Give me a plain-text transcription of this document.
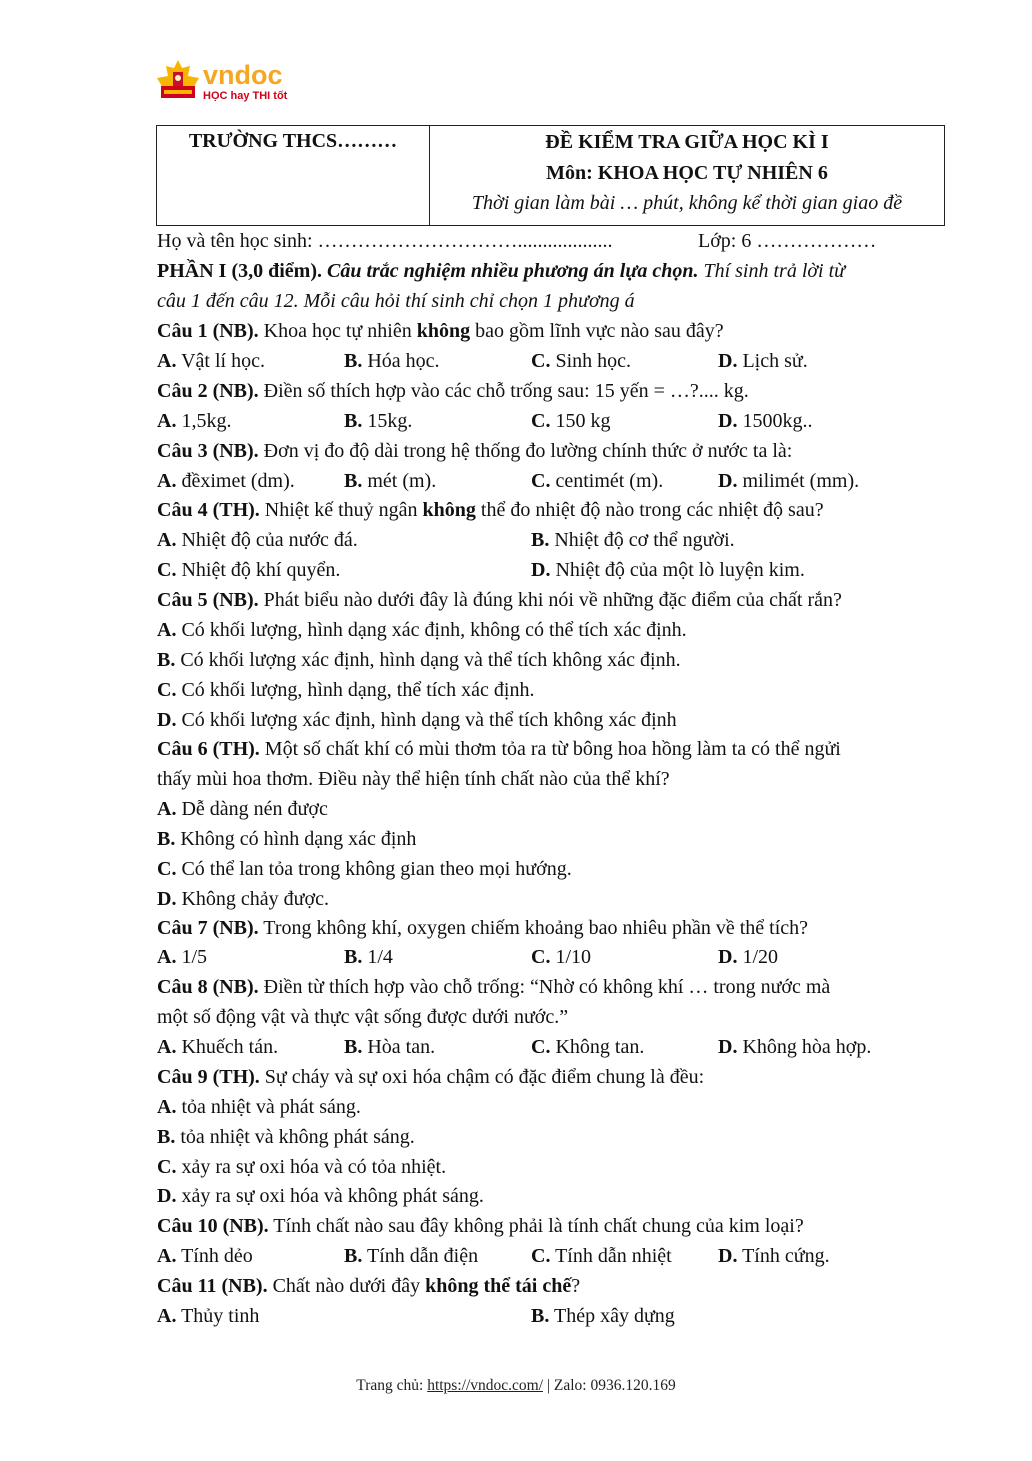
vndoc
HỌC hay THI tốt
TRƯỜNG THCS………	ĐỀ KIỂM TRA GIỮA HỌC KÌ I
Môn: KHOA HỌC TỰ NHIÊN 6
Thời gian làm bài … phút, không kể thời gian giao đề
Họ và tên học sinh: …………………………...................	Lớp: 6 ………………
PHẦN I (3,0 điểm). Câu trắc nghiệm nhiều phương án lựa chọn. Thí sinh trả lời từ
câu 1 đến câu 12. Mỗi câu hỏi thí sinh chỉ chọn 1 phương á
Câu 1 (NB). Khoa học tự nhiên không bao gồm lĩnh vực nào sau đây?
A. Vật lí học.	B. Hóa học.	C. Sinh học.	D. Lịch sử.
Câu 2 (NB). Điền số thích hợp vào các chỗ trống sau: 15 yến = …?.... kg.
A. 1,5kg.	B. 15kg.	C. 150 kg	D. 1500kg..
Câu 3 (NB). Đơn vị đo độ dài trong hệ thống đo lường chính thức ở nước ta là:
A. đềximet (dm). B. mét (m).	C. centimét (m).	D. milimét (mm).
Câu 4 (TH). Nhiệt kế thuỷ ngân không thể đo nhiệt độ nào trong các nhiệt độ sau?
A. Nhiệt độ của nước đá.	B. Nhiệt độ cơ thể người.
C. Nhiệt độ khí quyển.	D. Nhiệt độ của một lò luyện kim.
Câu 5 (NB). Phát biểu nào dưới đây là đúng khi nói về những đặc điểm của chất rắn?
A. Có khối lượng, hình dạng xác định, không có thể tích xác định.
B. Có khối lượng xác định, hình dạng và thể tích không xác định.
C. Có khối lượng, hình dạng, thể tích xác định.
D. Có khối lượng xác định, hình dạng và thể tích không xác định
Câu 6 (TH). Một số chất khí có mùi thơm tỏa ra từ bông hoa hồng làm ta có thể ngửi
thấy mùi hoa thơm. Điều này thể hiện tính chất nào của thể khí?
A. Dễ dàng nén được
B. Không có hình dạng xác định
C. Có thể lan tỏa trong không gian theo mọi hướng.
D. Không chảy được.
Câu 7 (NB). Trong không khí, oxygen chiếm khoảng bao nhiêu phần về thể tích?
A. 1/5	B. 1/4	C. 1/10	D. 1/20
Câu 8 (NB). Điền từ thích hợp vào chỗ trống: “Nhờ có không khí … trong nước mà
một số động vật và thực vật sống được dưới nước.”
A. Khuếch tán.	B. Hòa tan.	C. Không tan.	D. Không hòa hợp.
Câu 9 (TH). Sự cháy và sự oxi hóa chậm có đặc điểm chung là đều:
A. tỏa nhiệt và phát sáng.
B. tỏa nhiệt và không phát sáng.
C. xảy ra sự oxi hóa và có tỏa nhiệt.
D. xảy ra sự oxi hóa và không phát sáng.
Câu 10 (NB). Tính chất nào sau đây không phải là tính chất chung của kim loại?
A. Tính dẻo	B. Tính dẫn điện	C. Tính dẫn nhiệt D. Tính cứng.
Câu 11 (NB). Chất nào dưới đây không thể tái chế?
A. Thủy tinh	B. Thép xây dựng
Trang chủ: https://vndoc.com/ | Zalo: 0936.120.169
